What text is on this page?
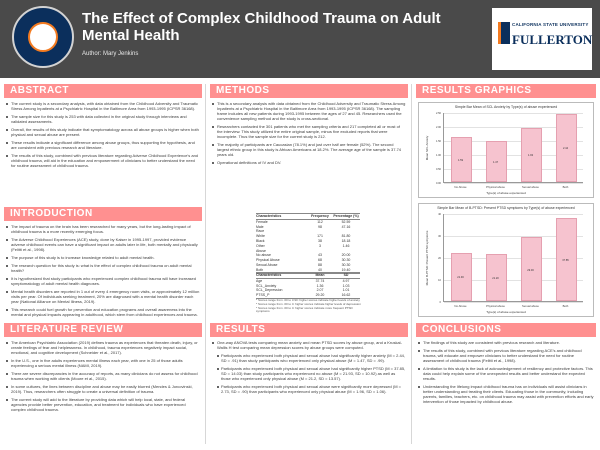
The Effect of Complex Childhood Trauma on Adult Mental Health
Author: Mary Jenkins
CALIFORNIA STATE UNIVERSITY
FULLERTON
ABSTRACT
The current study is a secondary analysis, with data obtained from the Childhood Adversity and Traumatic Stress Among Inpatients at a Psychiatric Hospital in the Baltimore Area from 1993-1995 (ICPSR 36168).
The sample size for this study is 253 with data collected in the original study through interviews and validated assessments.
Overall, the results of this study indicate that symptomatology across all abuse groups is higher when both physical and sexual abuse are present.
These results indicate a significant difference among abuse groups, thus supporting the hypothesis, and are consistent with previous research and literature.
The results of this study, combined with previous literature regarding Adverse Childhood Experience's and childhood trauma, will aid in the education and empowerment of clinicians to better understand the need for routine assessment of childhood trauma.
INTRODUCTION
The impact of trauma on the brain has been researched for many years, but the long-lasting impact of childhood trauma is a more recently emerging focus.
The Adverse Childhood Experiences (ACE) study, done by Kaiser in 1995-1997, provided evidence adverse childhood events can have a significant impact on adults later in life, both mentally and physically (Felitti et al., 1998).
The purpose of this study is to increase knowledge related to adult mental health.
The research question for this study is: what is the effect of complex childhood trauma on adult mental health?
It is hypothesized that study participants who experienced complex childhood trauma will have increased symptomatology of adult mental health diagnoses.
Mental health disorders are reported in 1 out of every 4 emergency room visits, or approximately 12 million visits per year. Of individuals seeking treatment, 20% are diagnosed with a mental health disorder each year (National Alliance on Mental Illness, 2019).
This research could fuel growth for prevention and education programs and overall awareness into the mental and physical impacts appearing in adulthood, which stem from childhood experiences and trauma.
LITERATURE REVIEW
The American Psychiatric Association (2019) defines trauma as experiences that threaten death, injury, or create feelings of fear and helplessness. In childhood, trauma experiences negatively impact social, emotional, and cognitive development (Schneider et al., 2017).
In the U.S., one in five adults experiences mental illness each year, with one in 25 of those adults experiencing a serious mental illness (NAMI, 2019).
There are severe discrepancies in the accuracy of reports, as many clinicians do not assess for childhood trauma when working with clients (Moore et al., 2015).
In some cultures, the lines between discipline and abuse may be easily blurred (Mendes & Jorcovinski, 2019). Thus, researchers often struggle to create a universal definition of trauma.
The current study will add to the literature by providing data which will help local, state, and federal agencies provide better prevention, education, and treatment for individuals who have experienced complex childhood trauma.
METHODS
This is a secondary analysis with data obtained from the Childhood Adversity and Traumatic Stress Among Inpatients at a Psychiatric Hospital in the Baltimore Area from 1993-1995 (ICPSR 36168). The sampling frame includes all new patients during 1993-1995 between the ages of 27 and 45. Researchers used the convenience sampling method and the study is cross-sectional.
Researchers contacted the 301 patients who met the sampling criteria and 217 completed all or most of the interview. This study utilized the entire original sample, minus five excluded reports that were incomplete. Thus the sample size for the current study is 212.
The majority of participants are Caucasian (78.1%) and just over half are female (52%). The second largest ethnic group in this study is African Americans at 18.2%. The average age of the sample is 37.74 years old.
Operational definitions of IV and DV.
Characteristics	Frequency	Percentage (%)
Female	112	52.59
Male	98	47.16
Race
White	171	81.80
Black	38	18.18
Other	3	1.46
Abuse
No abuse	43	20.00
Physical Abuse	68	30.30
Sexual Abuse	88	30.30
Both	40	19.40
Characteristics	Mean	SD
Age	37.74	4.97
SCL_Anxiety	1.36	1.03
SCL_Depression	2.07	1.01
PTSS_P	29.20	16.62
* Scores range from .00 to 3.90: higher scores indicate higher levels of anxiety
* Scores range from .00 to 4: higher scores indicate higher levels of depression
* Scores range from .00 to 4: higher scores indicate more frequent PTSD symptoms
RESULTS
One-way ANOVA tests comparing mean anxiety and mean PTSD scores by abuse group, and a Kruskal-Wallis H test comparing mean depression scores by abuse groups were computed.
Participants who experienced both physical and sexual abuse had significantly higher anxiety (M = 2.44, SD = .91) than study participants who experienced only physical abuse (M = 1.47, SD = .99).
Participants who experienced both physical and sexual abuse had significantly higher PTSD (M = 37.85, SD = 14.03) than study participants who experienced no abuse (M = 21.93, SD = 10.92) as well as those who experienced only physical abuse (M = 21.2, SD = 13.57).
Participants who experienced both physical and sexual abuse were significantly more depressed (M = 2.73, SD = .90) than participants who experienced only physical abuse (M = 1.96, SD = 1.06).
RESULTS GRAPHICS
Simple Bar Mean of SCL Anxiety by Type(s) of abuse experienced
Mean SCL Anxiety
Type(s) of abuse experienced
0.00
0.50
1.00
1.50
2.00
2.50
1.59
No Abuse
1.47
Physical abuse
1.93
Sexual abuse
2.44
Both
Simple Bar Mean of B-PTSD: Present PTSD symptoms by Type(s) of abuse experienced
Mean B-PTSD: Present PTSD symptoms
Type(s) of abuse experienced
0
10
20
30
40
21.93
No Abuse
21.20
Physical abuse
29.03
Sexual abuse
37.85
Both
CONCLUSIONS
The findings of this study are consistent with previous research and literature.
The results of this study, combined with previous literature regarding ACE's and childhood trauma, will educate and empower clinicians to better understand the need for routine assessment of childhood trauma (Felitti et al., 1998).
A limitation to this study is the lack of acknowledgement of resiliency and protective factors. This data could help explain some of the unexpected results and better understand the expected results.
Understanding the lifelong impact childhood trauma has on individuals will assist clinicians in better understanding and treating their clients. Educating those in the community, including parents, families, teachers, etc. on childhood trauma may assist with prevention efforts and early intervention of those impacted by childhood abuse.
